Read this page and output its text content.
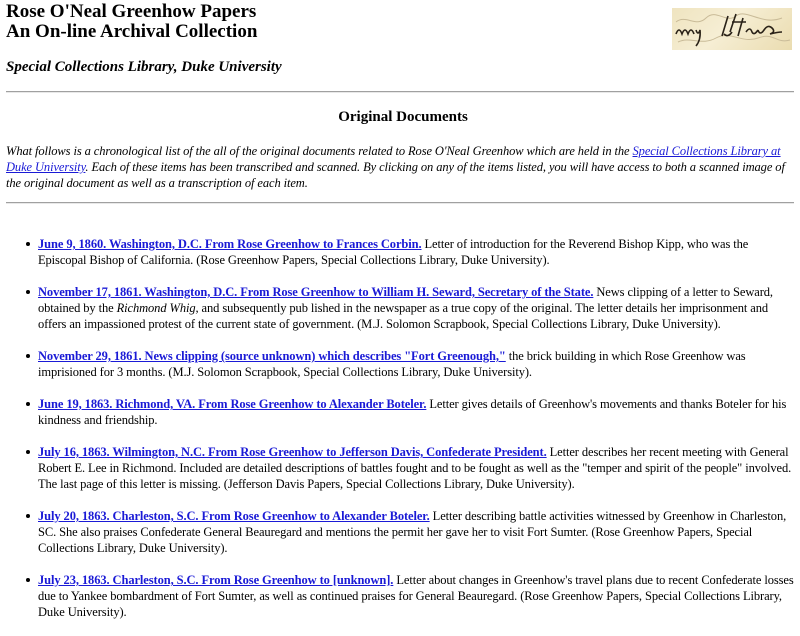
Rose O'Neal Greenhow Papers
An On-line Archival Collection
Special Collections Library, Duke University
Original Documents
What follows is a chronological list of the all of the original documents related to Rose O'Neal Greenhow which are held in the Special Collections Library at Duke University. Each of these items has been transcribed and scanned. By clicking on any of the items listed, you will have access to both a scanned image of the original document as well as a transcription of each item.
June 9, 1860. Washington, D.C. From Rose Greenhow to Frances Corbin. Letter of introduction for the Reverend Bishop Kipp, who was the Episcopal Bishop of California. (Rose Greenhow Papers, Special Collections Library, Duke University).
November 17, 1861. Washington, D.C. From Rose Greenhow to William H. Seward, Secretary of the State. News clipping of a letter to Seward, obtained by the Richmond Whig, and subsequently pub lished in the newspaper as a true copy of the original. The letter details her imprisonment and offers an impassioned protest of the current state of government. (M.J. Solomon Scrapbook, Special Collections Library, Duke University).
November 29, 1861. News clipping (source unknown) which describes "Fort Greenough," the brick building in which Rose Greenhow was imprisioned for 3 months. (M.J. Solomon Scrapbook, Special Collections Library, Duke University).
June 19, 1863. Richmond, VA. From Rose Greenhow to Alexander Boteler. Letter gives details of Greenhow's movements and thanks Boteler for his kindness and friendship.
July 16, 1863. Wilmington, N.C. From Rose Greenhow to Jefferson Davis, Confederate President. Letter describes her recent meeting with General Robert E. Lee in Richmond. Included are detailed descriptions of battles fought and to be fought as well as the "temper and spirit of the people" involved. The last page of this letter is missing. (Jefferson Davis Papers, Special Collections Library, Duke University).
July 20, 1863. Charleston, S.C. From Rose Greenhow to Alexander Boteler. Letter describing battle activities witnessed by Greenhow in Charleston, SC. She also praises Confederate General Beauregard and mentions the permit her gave her to visit Fort Sumter. (Rose Greenhow Papers, Special Collections Library, Duke University).
July 23, 1863. Charleston, S.C. From Rose Greenhow to [unknown]. Letter about changes in Greenhow's travel plans due to recent Confederate losses due to Yankee bombardment of Fort Sumter, as well as continued praises for General Beauregard. (Rose Greenhow Papers, Special Collections Library, Duke University).
